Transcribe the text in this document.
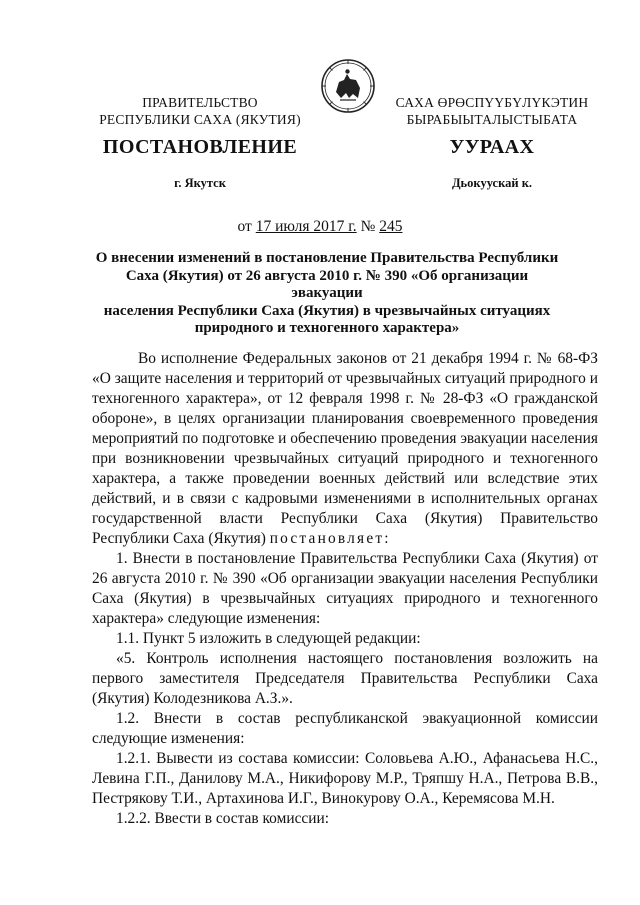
ПРАВИТЕЛЬСТВО
РЕСПУБЛИКИ САХА (ЯКУТИЯ)
САХА ӨРӨСПҮҮБҮЛҮКЭТИН
БЫРАБЫЫТАЛЫСТЫБАТА
ПОСТАНОВЛЕНИЕ	УУРААХ
г. Якутск	Дьокуускай к.
от 17 июля 2017 г. № 245
О внесении изменений в постановление Правительства Республики
Саха (Якутия) от 26 августа 2010 г. № 390 «Об организации эвакуации
населения Республики Саха (Якутия) в чрезвычайных ситуациях
природного и техногенного характера»

Во исполнение Федеральных законов от 21 декабря 1994 г. № 68-ФЗ «О защите населения и территорий от чрезвычайных ситуаций природного и техногенного характера», от 12 февраля 1998 г. № 28-ФЗ «О гражданской обороне», в целях организации планирования своевременного проведения мероприятий по подготовке и обеспечению проведения эвакуации населения при возникновении чрезвычайных ситуаций природного и техногенного характера, а также проведении военных действий или вследствие этих действий, и в связи с кадровыми изменениями в исполнительных органах государственной власти Республики Саха (Якутия) Правительство Республики Саха (Якутия) постановляет:

1. Внести в постановление Правительства Республики Саха (Якутия) от 26 августа 2010 г. № 390 «Об организации эвакуации населения Республики Саха (Якутия) в чрезвычайных ситуациях природного и техногенного характера» следующие изменения:

1.1. Пункт 5 изложить в следующей редакции:

«5. Контроль исполнения настоящего постановления возложить на первого заместителя Председателя Правительства Республики Саха (Якутия) Колодезникова А.З.».

1.2. Внести в состав республиканской эвакуационной комиссии следующие изменения:

1.2.1. Вывести из состава комиссии: Соловьева А.Ю., Афанасьева Н.С., Левина Г.П., Данилову М.А., Никифорову М.Р., Тряпшу Н.А., Петрова В.В., Пестрякову Т.И., Артахинова И.Г., Винокурову О.А., Керемясова М.Н.

1.2.2. Ввести в состав комиссии:
